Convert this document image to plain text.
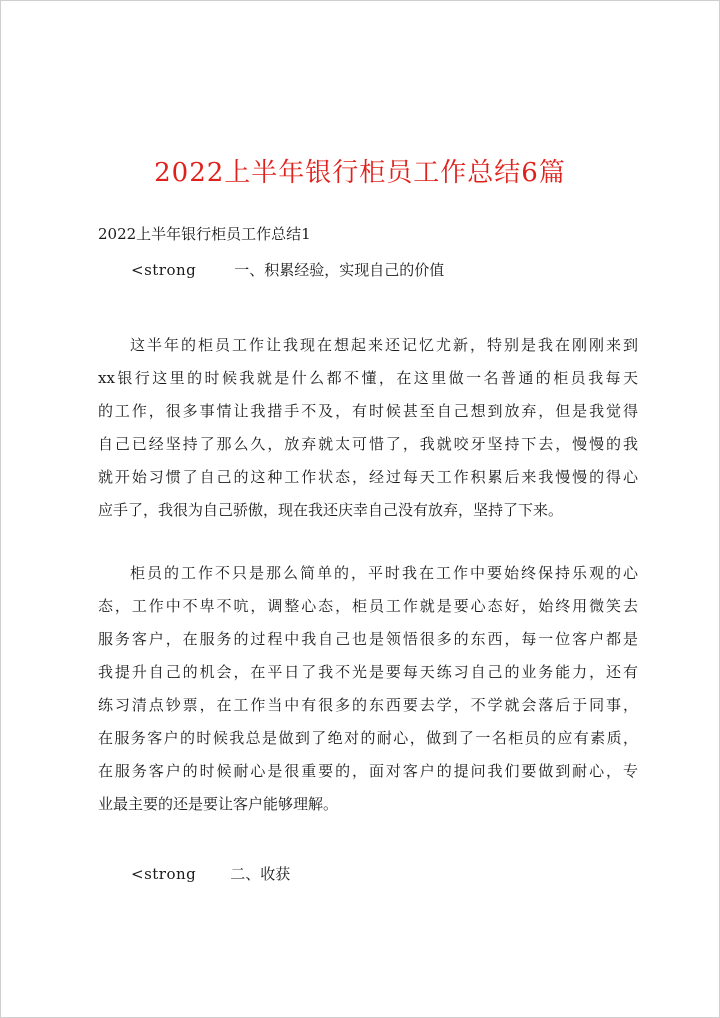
2022上半年银行柜员工作总结6篇

2022上半年银行柜员工作总结1

<strong	一、积累经验，实现自己的价值

这半年的柜员工作让我现在想起来还记忆尤新，特别是我在刚刚来到
xx银行这里的时候我就是什么都不懂，在这里做一名普通的柜员我每天
的工作，很多事情让我措手不及，有时候甚至自己想到放弃，但是我觉得
自己已经坚持了那么久，放弃就太可惜了，我就咬牙坚持下去，慢慢的我
就开始习惯了自己的这种工作状态，经过每天工作积累后来我慢慢的得心
应手了，我很为自己骄傲，现在我还庆幸自己没有放弃，坚持了下来。
柜员的工作不只是那么简单的，平时我在工作中要始终保持乐观的心
态，工作中不卑不吭，调整心态，柜员工作就是要心态好，始终用微笑去
服务客户，在服务的过程中我自己也是领悟很多的东西，每一位客户都是
我提升自己的机会，在平日了我不光是要每天练习自己的业务能力，还有
练习清点钞票，在工作当中有很多的东西要去学，不学就会落后于同事，
在服务客户的时候我总是做到了绝对的耐心，做到了一名柜员的应有素质，
在服务客户的时候耐心是很重要的，面对客户的提问我们要做到耐心，专
业最主要的还是要让客户能够理解。

<strong 二、收获
